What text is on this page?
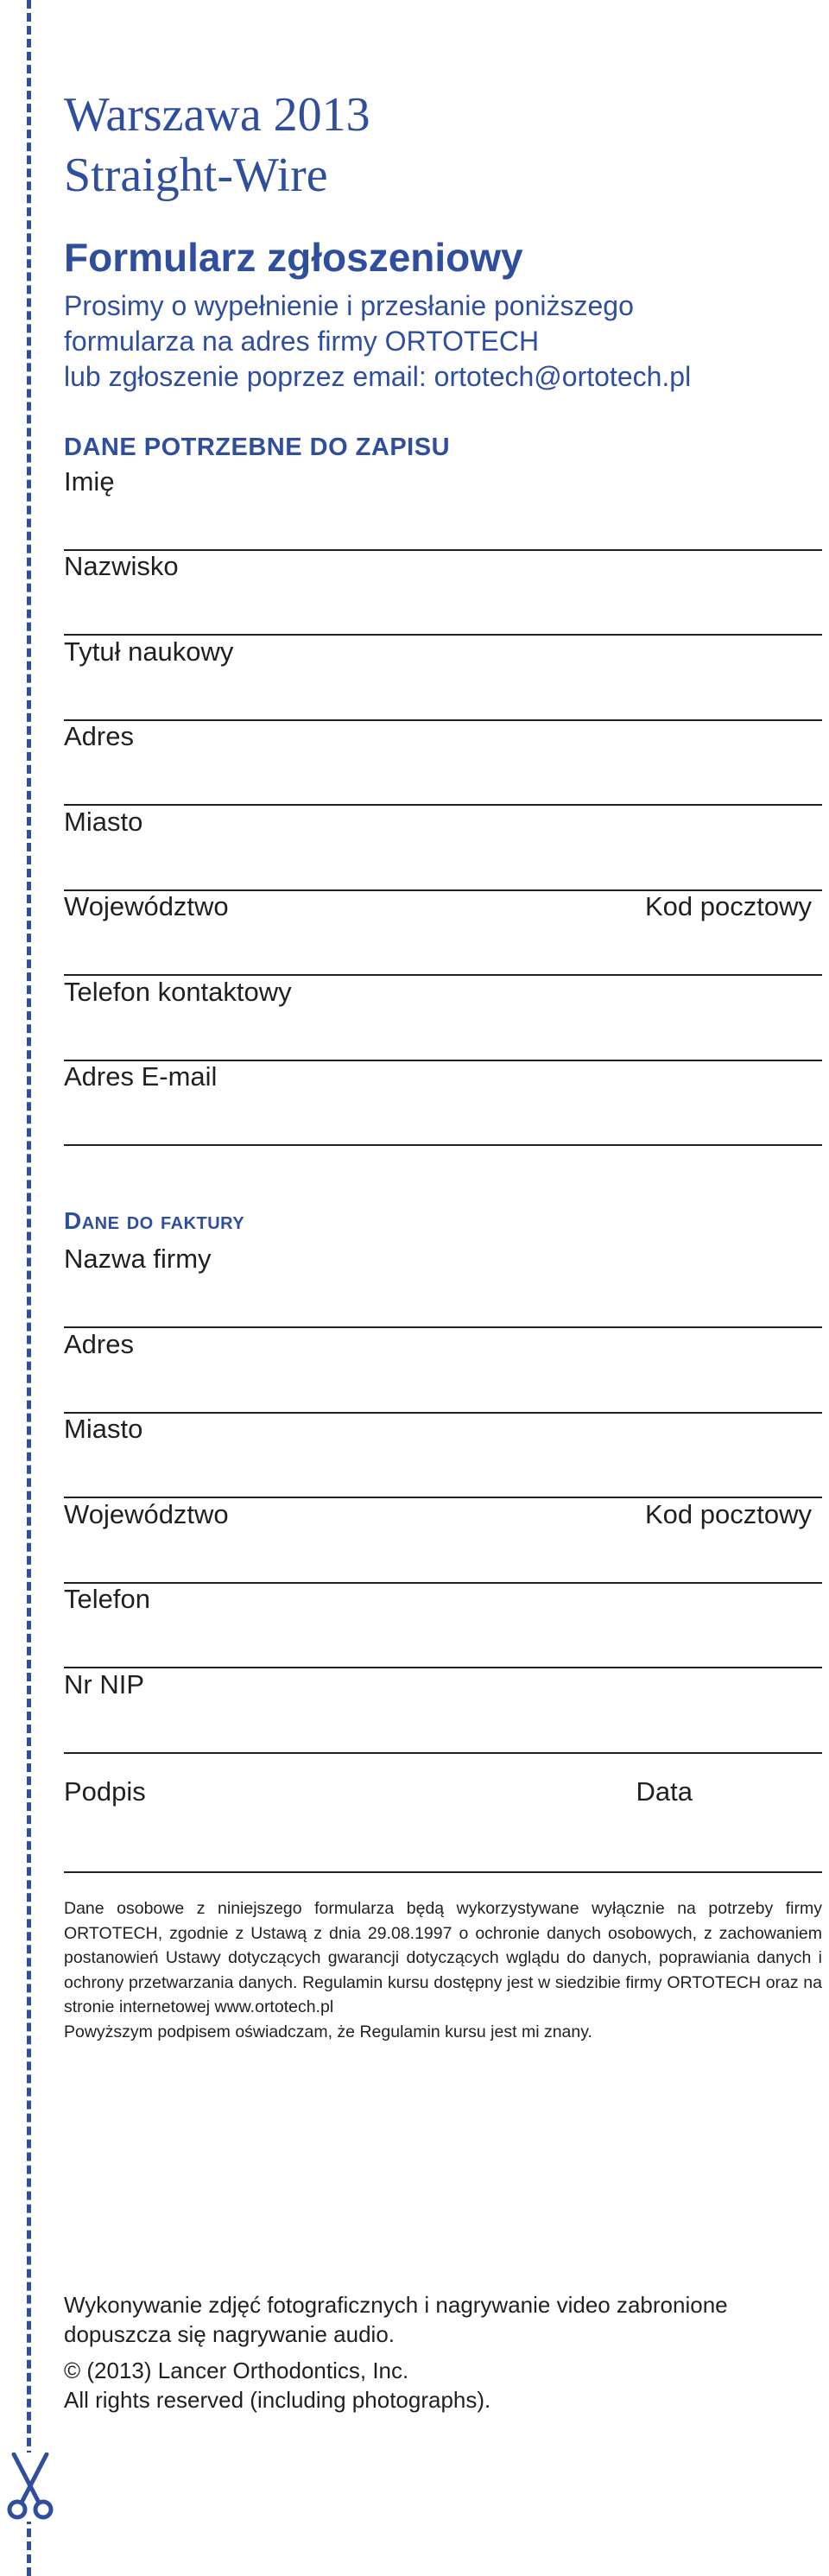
Warszawa 2013
Straight-Wire
Formularz zgłoszeniowy
Prosimy o wypełnienie i przesłanie poniższego
formularza na adres firmy ORTOTECH
lub zgłoszenie poprzez email: ortotech@ortotech.pl
DANE POTRZEBNE DO ZAPISU
Imię
Nazwisko
Tytuł naukowy
Adres
Miasto
Województwo	Kod pocztowy
Telefon kontaktowy
Adres E-mail
Dane do faktury
Nazwa firmy
Adres
Miasto
Województwo	Kod pocztowy
Telefon
Nr NIP
Podpis	Data

Dane osobowe z niniejszego formularza będą wykorzystywane wyłącznie na potrzeby firmy ORTOTECH, zgodnie z Ustawą z dnia 29.08.1997 o ochronie danych osobowych, z zachowaniem postanowień Ustawy dotyczących gwarancji dotyczących wglądu do danych, poprawiania danych i ochrony przetwarzania danych. Regulamin kursu dostępny jest w siedzibie firmy ORTOTECH oraz na stronie internetowej www.ortotech.pl

Powyższym podpisem oświadczam, że Regulamin kursu jest mi znany.

Wykonywanie zdjęć fotograficznych i nagrywanie video zabronione

dopuszcza się nagrywanie audio.

© (2013) Lancer Orthodontics, Inc.

All rights reserved (including photographs).
